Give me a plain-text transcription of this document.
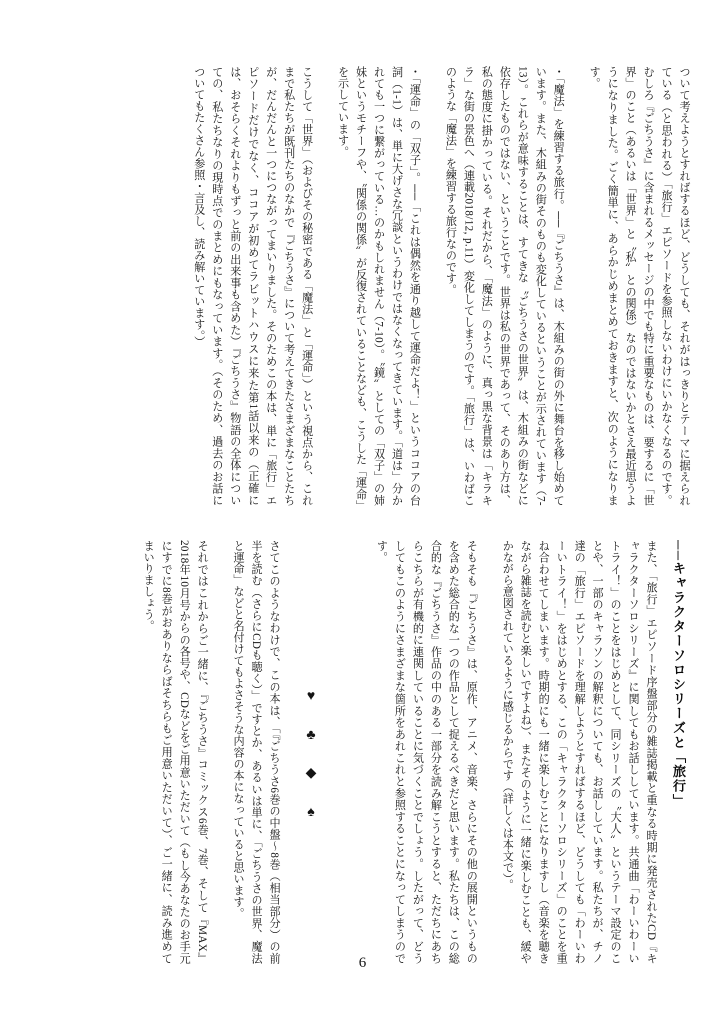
ついて考えようとすればするほど、どうしても、それがはっきりとテーマに据えられている（と思われる）「旅行」エピソードを参照しないわけにいかなくなるのです。むしろ『ごちうさ』に含まれるメッセージの中でも特に重要なものは、要するに「世界」のこと（あるいは「世界」と〝私〟との関係）なのではないかとさえ最近思うようになりました。ごく簡単に、あらかじめまとめておきますと、次のようになります。

・「魔法」を練習する旅行。──『ごちうさ』は、木組みの街の外に舞台を移し始めています。また、木組みの街そのものも変化しているということが示されています（7-13）。これらが意味することは、すてきな〝ごちうさの世界〟は、木組みの街などに依存したものではない、ということです。世界は私の世界であって、そのあり方は、私の態度に掛かっている。それだから、「魔法」のように、真っ黒な背景は「キラキラ」な街の景色へ（連載2018/12, p.11）変化してしまうのです。「旅行」は、いわばこのような「魔法」を練習する旅行なのです。

・「運命」の「双子」。──「これは偶然を通り越して運命だよ！」というココアの台詞（1-1）は、単に大げさな冗談というわけではなくなってきています。「道は」分かれても一つに繋がっている…のかもしれません（7-10）。〝鏡〟としての「双子」の姉妹というモチーフや、〝関係の関係〟が反復されていることなども、こうした「運命」を示しています。

こうして「世界」（およびその秘密である「魔法」と「運命」）という視点から、これまで私たちが既刊たちのなかで『ごちうさ』について考えてきたさまざまなことたちが、だんだんと一つにつながってまいりました。そのためこの本は、単に「旅行」エピソードだけでなく、ココアが初めてラビットハウスに来た第1話以来の（正確には、おそらくそれよりもずっと前の出来事も含めた）『ごちうさ』物語の全体についての、私たちなりの現時点でのまとめにもなっています。（そのため、過去のお話についてもたくさん参照・言及し、読み解いています。）
──キャラクターソロシリーズと「旅行」
また、「旅行」エピソード序盤部分の雑誌掲載と重なる時期に発売されたCD『キャラクターソロシリーズ』に関してもお話ししています。共通曲「わーいわーいトライ！」のことをはじめとして、同シリーズの〝大人〟というテーマ設定のことや、一部のキャラソンの解釈についても、お話ししています。私たちが、チノ達の「旅行」エピソードを理解しようとすればするほど、どうしても「わーいわーいトライ！」をはじめとする、この「キャラクターソロシリーズ」のことを重ね合わせてしまいます。時期的にも一緒に楽しむことになりますし（音楽を聴きながら雑誌を読むと楽しいですよね）、またそのように一緒に楽しむことも、緩やかながら意図されているように感じるからです（詳しくは本文で）。

そもそも『ごちうさ』は、原作、アニメ、音楽、さらにその他の展開というものを含めた総合的な一つの作品として捉えるべきだと思います。私たちは、この総合的な『ごちうさ』作品の中のある一部分を読み解こうとすると、ただちにあちらこちらが有機的に連関していることに気づくことでしょう。したがって、どうしてもこのようにさまざまな箇所をあれこれと参照することになってしまうのです。
♥
♣
◆
♠
さてこのようなわけで、この本は、「『ごちうさ6巻の中盤〜8巻（相当部分）の前半を読む（さらにCDも聴く）」ですとか、あるいは単に、「ごちうさの世界、魔法と運命」などと名付けてもよさそうな内容の本になっていると思います。

それではこれからご一緒に、『ごちうさ』コミックス6巻、7巻、そして『MAX』2018年10月号からの各号や、CDなどをご用意いただいて（もし今あなたのお手元にすでに8巻がおありならばそちらもご用意いただいて）、ご一緒に、読み進めてまいりましょう。
6
